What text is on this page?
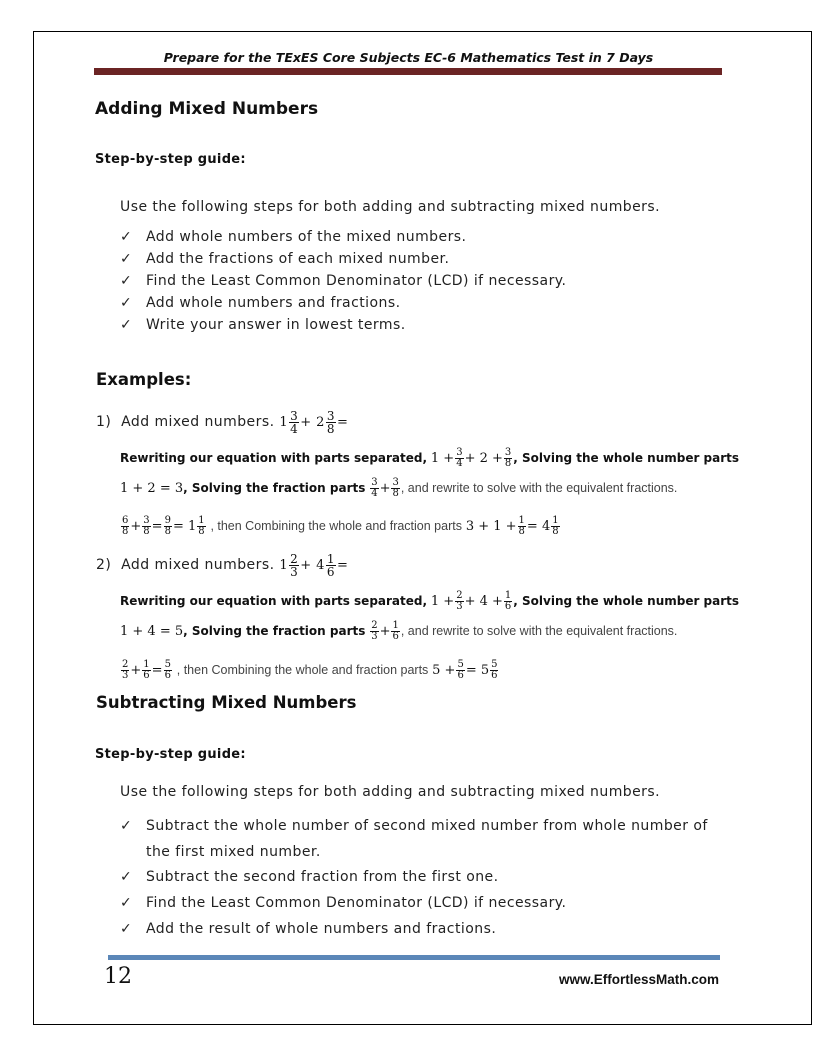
Prepare for the TExES Core Subjects EC-6 Mathematics Test in 7 Days
Adding Mixed Numbers
Step-by-step guide:
Use the following steps for both adding and subtracting mixed numbers.
✓ Add whole numbers of the mixed numbers.
✓ Add the fractions of each mixed number.
✓ Find the Least Common Denominator (LCD) if necessary.
✓ Add whole numbers and fractions.
✓ Write your answer in lowest terms.
Examples:
1) Add mixed numbers. $1 \frac{3}{4} + 2 \frac{3}{8}$ =
Rewriting our equation with parts separated, $1 + \frac{3}{4} + 2 + \frac{3}{8}$ , Solving the whole number parts
1 + 2 = 3, Solving the fraction parts $\frac{3}{4} + \frac{3}{8}$ , and rewrite to solve with the equivalent fractions.
$\frac{6}{8} + \frac{3}{8} = \frac{9}{8} = 1 \frac{1}{8}$ , then Combining the whole and fraction parts $3 + 1 + \frac{1}{8} = 4 \frac{1}{8}$
2) Add mixed numbers. $1 \frac{2}{3} + 4 \frac{1}{6}$ =
Rewriting our equation with parts separated, $1 + \frac{2}{3} + 4 + \frac{1}{6}$ , Solving the whole number parts
1 + 4 = 5, Solving the fraction parts $\frac{2}{3} + \frac{1}{6}$ , and rewrite to solve with the equivalent fractions.
$\frac{2}{3} + \frac{1}{6} = \frac{5}{6}$ , then Combining the whole and fraction parts $5 + \frac{5}{6} = 5 \frac{5}{6}$
Subtracting Mixed Numbers
Step-by-step guide:
Use the following steps for both adding and subtracting mixed numbers.
✓ Subtract the whole number of second mixed number from whole number of
the first mixed number.
✓ Subtract the second fraction from the first one.
✓ Find the Least Common Denominator (LCD) if necessary.
✓ Add the result of whole numbers and fractions.
12	www.EffortlessMath.com
